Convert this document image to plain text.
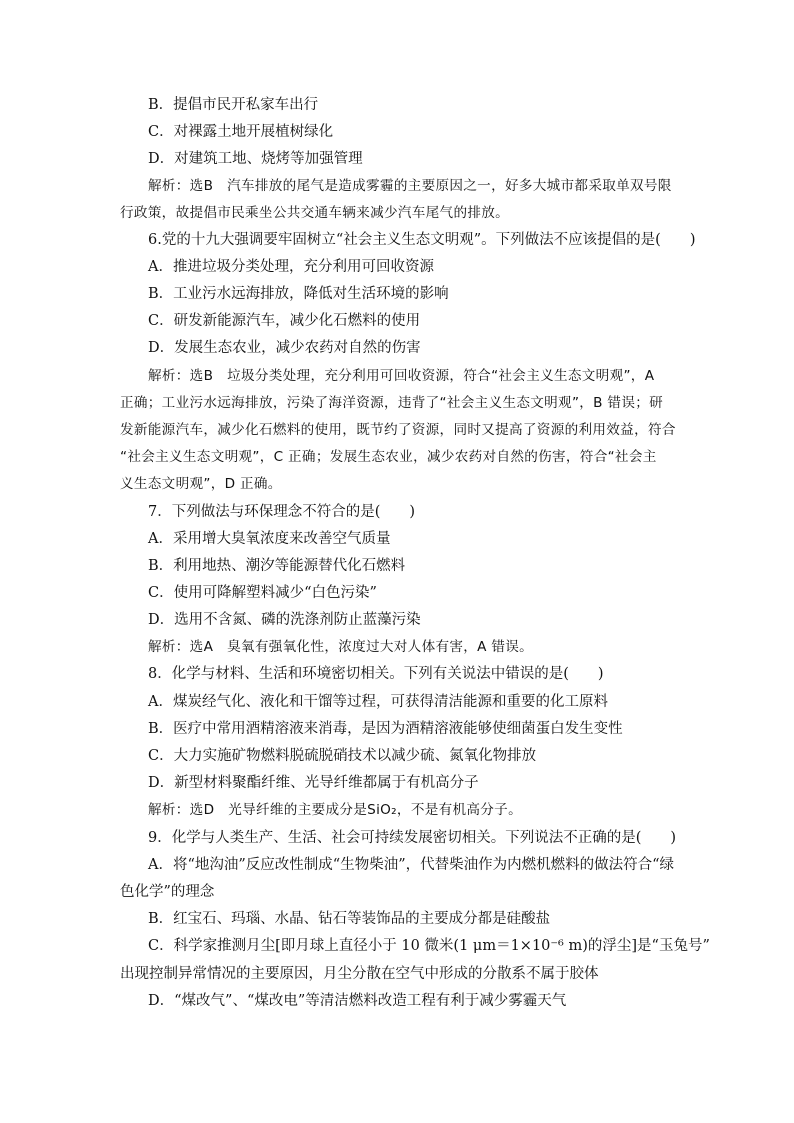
B．提倡市民开私家车出行
C．对裸露土地开展植树绿化
D．对建筑工地、烧烤等加强管理
解析：选B　汽车排放的尾气是造成雾霾的主要原因之一，好多大城市都采取单双号限
行政策，故提倡市民乘坐公共交通车辆来减少汽车尾气的排放。
6.党的十九大强调要牢固树立“社会主义生态文明观”。下列做法不应该提倡的是(　　)
A．推进垃圾分类处理，充分利用可回收资源
B．工业污水远海排放，降低对生活环境的影响
C．研发新能源汽车，减少化石燃料的使用
D．发展生态农业，减少农药对自然的伤害
解析：选B　垃圾分类处理，充分利用可回收资源，符合“社会主义生态文明观”，A
正确；工业污水远海排放，污染了海洋资源，违背了“社会主义生态文明观”，B 错误；研
发新能源汽车，减少化石燃料的使用，既节约了资源，同时又提高了资源的利用效益，符合
“社会主义生态文明观”，C 正确；发展生态农业，减少农药对自然的伤害，符合“社会主
义生态文明观”，D 正确。
7．下列做法与环保理念不符合的是(　　)
A．采用增大臭氧浓度来改善空气质量
B．利用地热、潮汐等能源替代化石燃料
C．使用可降解塑料减少“白色污染”
D．选用不含氮、磷的洗涤剂防止蓝藻污染
解析：选A　臭氧有强氧化性，浓度过大对人体有害，A 错误。
8．化学与材料、生活和环境密切相关。下列有关说法中错误的是(　　)
A．煤炭经气化、液化和干馏等过程，可获得清洁能源和重要的化工原料
B．医疗中常用酒精溶液来消毒，是因为酒精溶液能够使细菌蛋白发生变性
C．大力实施矿物燃料脱硫脱硝技术以减少硫、氮氧化物排放
D．新型材料聚酯纤维、光导纤维都属于有机高分子
解析：选D　光导纤维的主要成分是SiO₂，不是有机高分子。
9．化学与人类生产、生活、社会可持续发展密切相关。下列说法不正确的是(　　)
A．将“地沟油”反应改性制成“生物柴油”，代替柴油作为内燃机燃料的做法符合“绿
色化学”的理念
B．红宝石、玛瑙、水晶、钻石等装饰品的主要成分都是硅酸盐
C．科学家推测月尘[即月球上直径小于 10 微米(1 μm＝1×10⁻⁶ m)的浮尘]是“玉兔号”
出现控制异常情况的主要原因，月尘分散在空气中形成的分散系不属于胶体
D．“煤改气”、“煤改电”等清洁燃料改造工程有利于减少雾霾天气
